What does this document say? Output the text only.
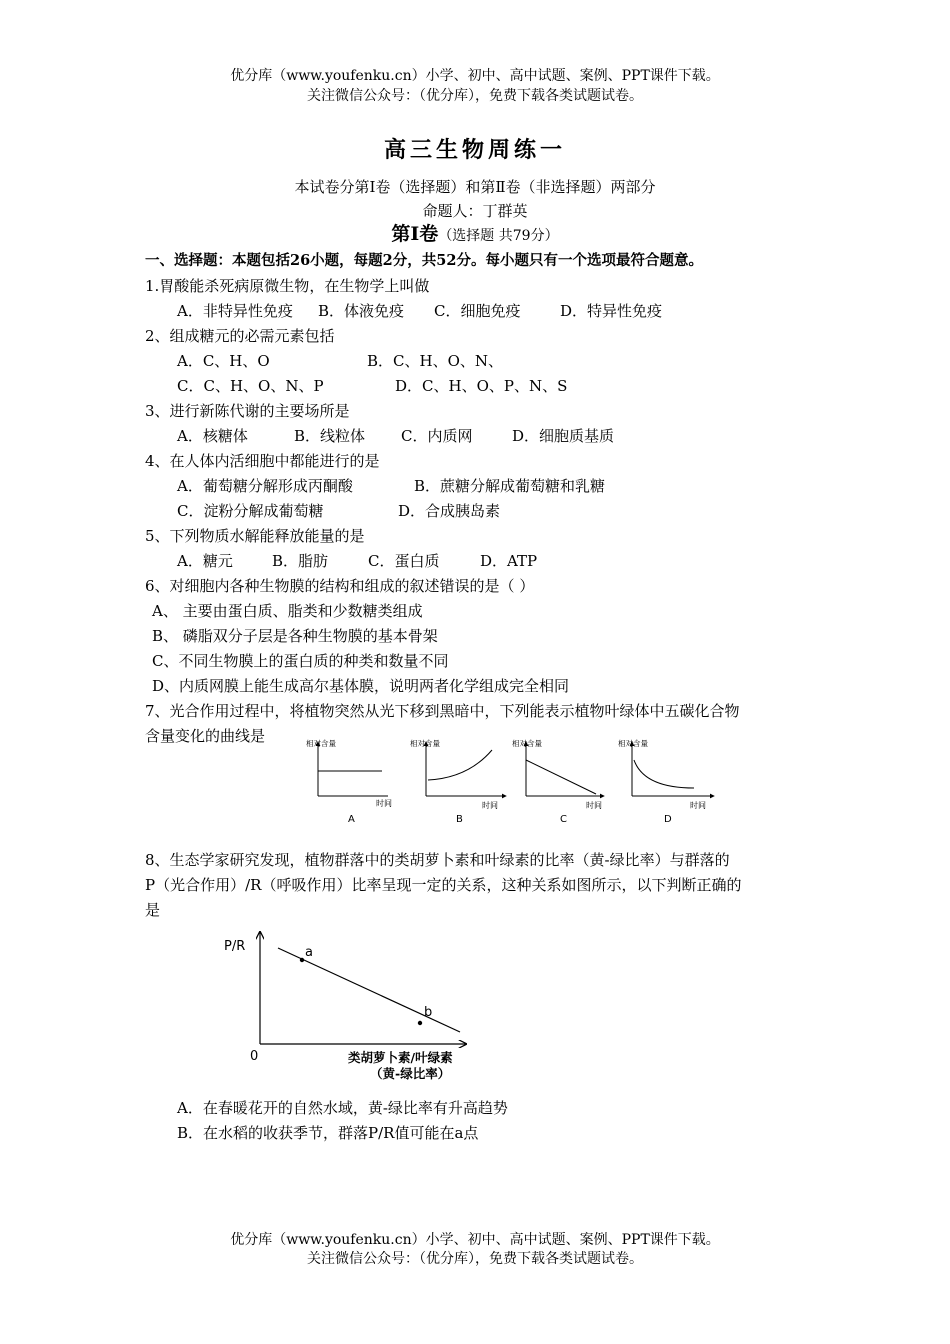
优分库（www.youfenku.cn）小学、初中、高中试题、案例、PPT课件下载。
关注微信公众号：（优分库），免费下载各类试题试卷。
高三生物周练一
本试卷分第Ⅰ卷（选择题）和第Ⅱ卷（非选择题）两部分
命题人：丁群英
第Ⅰ卷（选择题 共79分）
一、选择题：本题包括26小题，每题2分，共52分。每小题只有一个选项最符合题意。
1.胃酸能杀死病原微生物，在生物学上叫做
A．非特异性免疫 B．体液免疫 C．细胞免疫	D．特异性免疫
2、组成糖元的必需元素包括
A．C、H、O	B．C、H、O、N、
C．C、H、O、N、P	D．C、H、O、P、N、S
3、进行新陈代谢的主要场所是
A．核糖体	B．线粒体 C．内质网	D．细胞质基质
4、在人体内活细胞中都能进行的是
A．葡萄糖分解形成丙酮酸	B．蔗糖分解成葡萄糖和乳糖
C．淀粉分解成葡萄糖	D．合成胰岛素
5、下列物质水解能释放能量的是
A．糖元	B．脂肪	C．蛋白质	D．ATP
6、对细胞内各种生物膜的结构和组成的叙述错误的是（ ）
A、 主要由蛋白质、脂类和少数糖类组成
B、 磷脂双分子层是各种生物膜的基本骨架
C、不同生物膜上的蛋白质的种类和数量不同
D、内质网膜上能生成高尔基体膜，说明两者化学组成完全相同
7、光合作用过程中，将植物突然从光下移到黑暗中，下列能表示植物叶绿体中五碳化合物
含量变化的曲线是	相对含量
时间
A
相对含量
时间
B
相对含量
时间
C
相对含量
时间
D
8、生态学家研究发现，植物群落中的类胡萝卜素和叶绿素的比率（黄-绿比率）与群落的
P（光合作用）/R（呼吸作用）比率呈现一定的关系，这种关系如图所示，以下判断正确的
是
P/R
0
a
b
类胡萝卜素/叶绿素
（黄-绿比率）
A．在春暖花开的自然水域，黄-绿比率有升高趋势
B．在水稻的收获季节，群落P/R值可能在a点
优分库（www.youfenku.cn）小学、初中、高中试题、案例、PPT课件下载。
关注微信公众号：（优分库），免费下载各类试题试卷。
